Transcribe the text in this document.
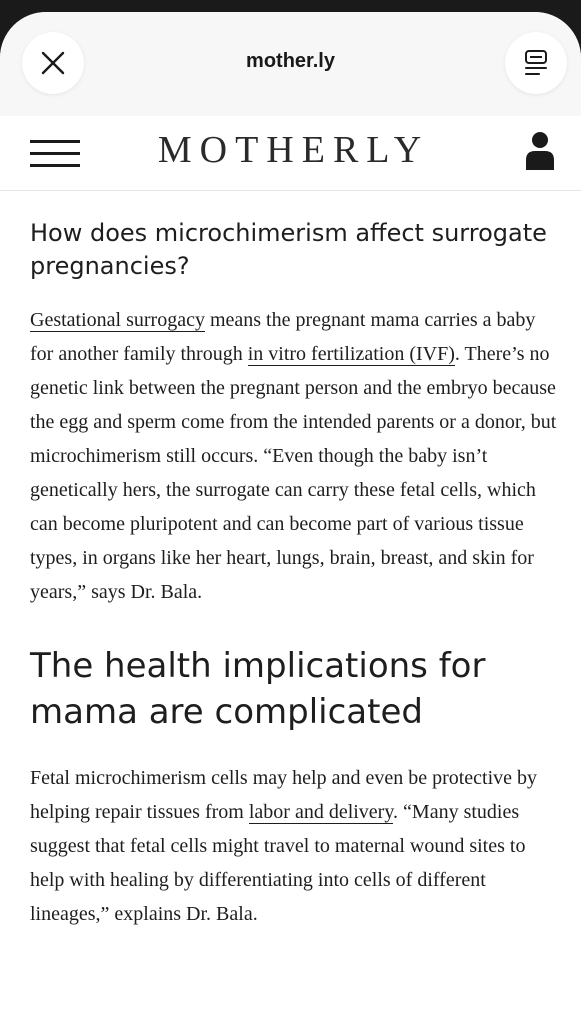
mother.ly
MOTHERLY
How does microchimerism affect surrogate pregnancies?

Gestational surrogacy means the pregnant mama carries a baby for another family through in vitro fertilization (IVF). There’s no genetic link between the pregnant person and the embryo because the egg and sperm come from the intended parents or a donor, but microchimerism still occurs. “Even though the baby isn’t genetically hers, the surrogate can carry these fetal cells, which can become pluripotent and can become part of various tissue types, in organs like her heart, lungs, brain, breast, and skin for years,” says Dr. Bala.

The health implications for mama are complicated

Fetal microchimerism cells may help and even be protective by helping repair tissues from labor and delivery. “Many studies suggest that fetal cells might travel to maternal wound sites to help with healing by differentiating into cells of different lineages,” explains Dr. Bala.
